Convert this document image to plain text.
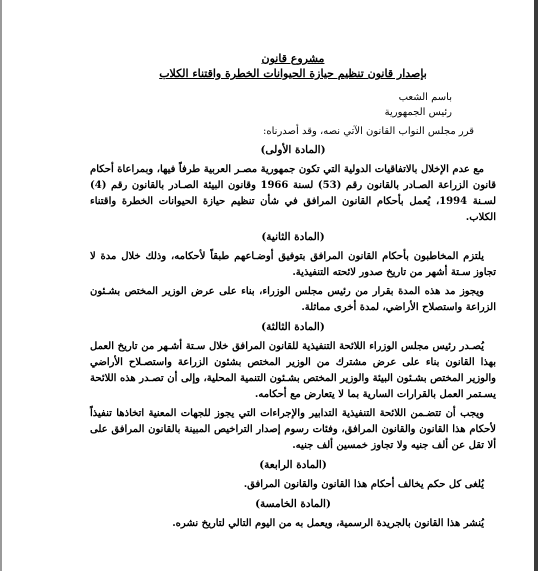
مشروع قانون
بإصدار قانون تنظيم حيازة الحيوانات الخطرة واقتناء الكلاب

باسم الشعب

رئيس الجمهورية

قرر مجلس النواب القانون الآتي نصه، وقد أصدرناه:

(المادة الأولى)

مع عدم الإخلال بالاتفاقيات الدولية التي تكون جمهورية مصـر العربية طرفاً فيها، وبمراعاة أحكام قانون الزراعة الصـادر بالقانون رقم (53) لسنة 1966 وقانون البيئة الصـادر بالقانون رقم (4) لسـنة 1994، يُعمل بأحكام القانون المرافق في شأن تنظيم حيازة الحيوانات الخطرة واقتناء الكلاب.

(المادة الثانية)

يلتزم المخاطبون بأحكام القانون المرافق بتوفيق أوضـاعهم طبقاً لأحكامه، وذلك خلال مدة لا تجاوز سـتة أشهر من تاريخ صدور لائحته التنفيذية.

ويجوز مد هذه المدة بقرار من رئيس مجلس الوزراء، بناء على عرض الوزير المختص بشـئون الزراعة واستصلاح الأراضي، لمدة أخرى مماثلة.

(المادة الثالثة)

يُصـدر رئيس مجلس الوزراء اللائحة التنفيذية للقانون المرافق خلال سـتة أشـهر من تاريخ العمل بهذا القانون بناء على عرض مشترك من الوزير المختص بشئون الزراعة واستصـلاح الأراضي والوزير المختص بشـئون البيئة والوزير المختص بشـئون التنمية المحلية، وإلى أن تصـدر هذه اللائحة يسـتمر العمل بالقرارات السارية بما لا يتعارض مع أحكامه.

ويجب أن تتضـمن اللائحة التنفيذية التدابير والإجراءات التي يجوز للجهات المعنية اتخاذها تنفيذاً لأحكام هذا القانون والقانون المرافق، وفئات رسوم إصدار التراخيص المبينة بالقانون المرافق على ألا تقل عن ألف جنيه ولا تجاوز خمسين ألف جنيه.

(المادة الرابعة)

يُلغى كل حكم يخالف أحكام هذا القانون والقانون المرافق.

(المادة الخامسة)

يُنشر هذا القانون بالجريدة الرسمية، ويعمل به من اليوم التالي لتاريخ نشره.
